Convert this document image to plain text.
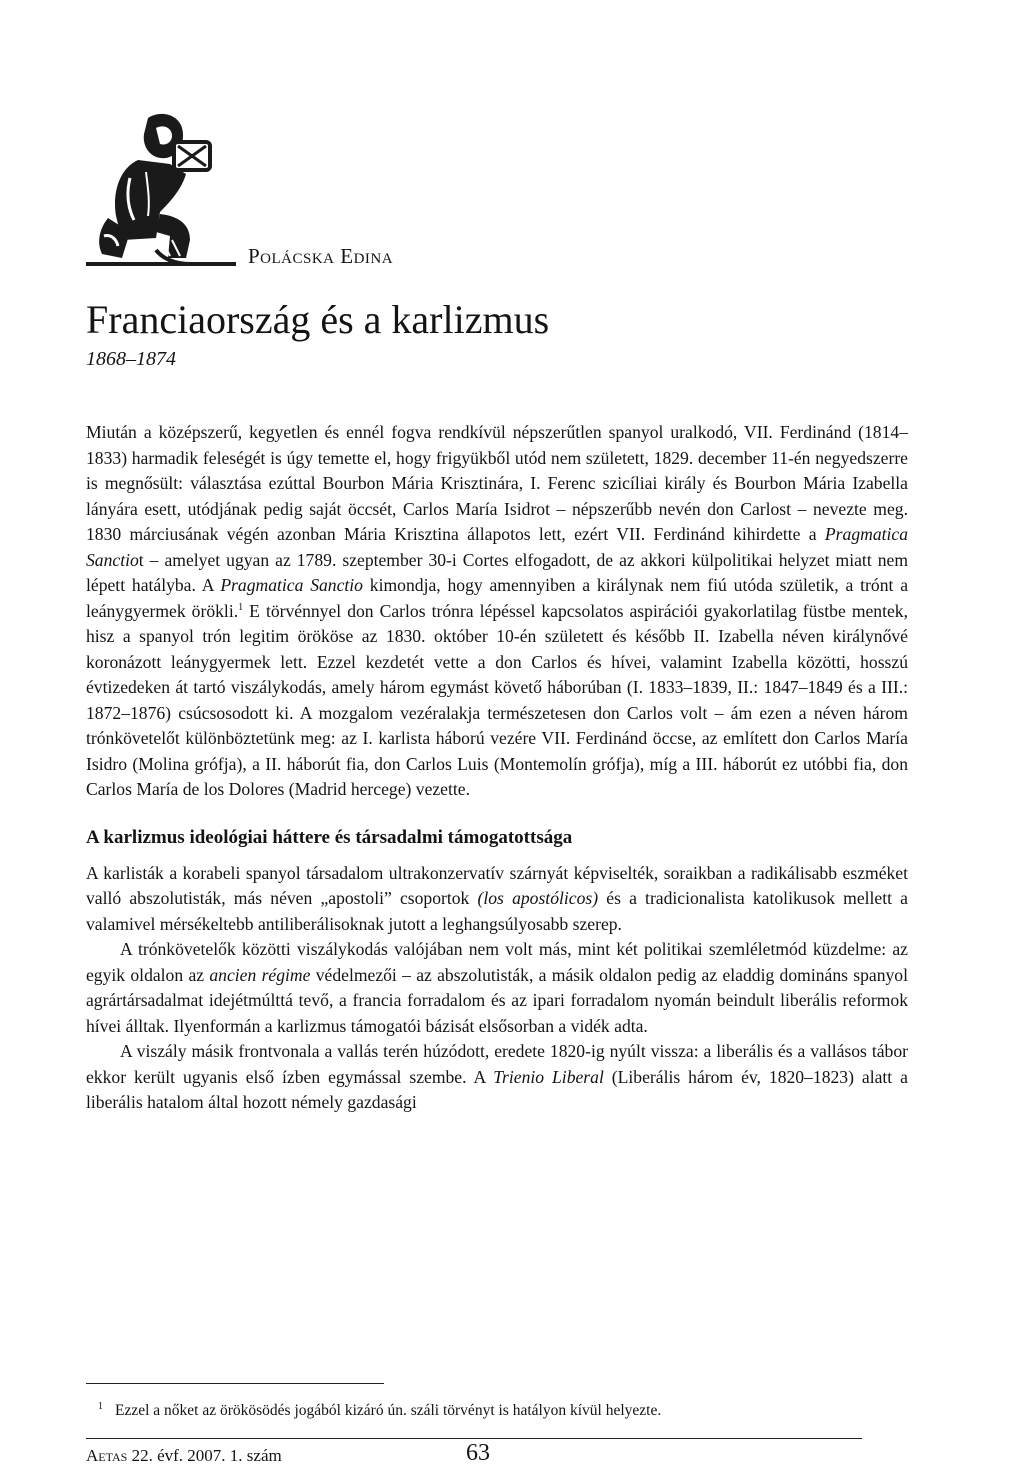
Polácska Edina
Franciaország és a karlizmus
1868–1874

Miután a középszerű, kegyetlen és ennél fogva rendkívül népszerűtlen spanyol uralkodó, VII. Ferdinánd (1814–1833) harmadik feleségét is úgy temette el, hogy frigyükből utód nem született, 1829. december 11-én negyedszerre is megnősült: választása ezúttal Bourbon Mária Krisztinára, I. Ferenc szicíliai király és Bourbon Mária Izabella lányára esett, utódjának pedig saját öccsét, Carlos María Isidrot – népszerűbb nevén don Carlost – nevezte meg. 1830 márciusának végén azonban Mária Krisztina állapotos lett, ezért VII. Ferdinánd kihirdette a Pragmatica Sanctiot – amelyet ugyan az 1789. szeptember 30-i Cortes elfogadott, de az akkori külpolitikai helyzet miatt nem lépett hatályba. A Pragmatica Sanctio kimondja, hogy amennyiben a királynak nem fiú utóda születik, a trónt a leánygyermek örökli.$^1$ E törvénnyel don Carlos trónra lépéssel kapcsolatos aspirációi gyakorlatilag füstbe mentek, hisz a spanyol trón legitim örököse az 1830. október 10-én született és később II. Izabella néven királynővé koronázott leánygyermek lett. Ezzel kezdetét vette a don Carlos és hívei, valamint Izabella közötti, hosszú évtizedeken át tartó viszálykodás, amely három egymást követő háborúban (I. 1833–1839, II.: 1847–1849 és a III.: 1872–1876) csúcsosodott ki. A mozgalom vezéralakja természetesen don Carlos volt – ám ezen a néven három trónkövetelőt különböztetünk meg: az I. karlista háború vezére VII. Ferdinánd öccse, az említett don Carlos María Isidro (Molina grófja), a II. háborút fia, don Carlos Luis (Montemolín grófja), míg a III. háborút ez utóbbi fia, don Carlos María de los Dolores (Madrid hercege) vezette.

A karlizmus ideológiai háttere és társadalmi támogatottsága

A karlisták a korabeli spanyol társadalom ultrakonzervatív szárnyát képviselték, soraikban a radikálisabb eszméket valló abszolutisták, más néven „apostoli” csoportok (los apostólicos) és a tradicionalista katolikusok mellett a valamivel mérsékeltebb antiliberálisoknak jutott a leghangsúlyosabb szerep.

A trónkövetelők közötti viszálykodás valójában nem volt más, mint két politikai szemléletmód küzdelme: az egyik oldalon az ancien régime védelmezői – az abszolutisták, a másik oldalon pedig az eladdig domináns spanyol agrártársadalmat idejétmúlttá tevő, a francia forradalom és az ipari forradalom nyomán beindult liberális reformok hívei álltak. Ilyenformán a karlizmus támogatói bázisát elsősorban a vidék adta.

A viszály másik frontvonala a vallás terén húzódott, eredete 1820-ig nyúlt vissza: a liberális és a vallásos tábor ekkor került ugyanis első ízben egymással szembe. A Trienio Liberal (Liberális három év, 1820–1823) alatt a liberális hatalom által hozott némely gazdasági

$^1$ Ezzel a nőket az örökösödés jogából kizáró ún. száli törvényt is hatályon kívül helyezte.
Aetas 22. évf. 2007. 1. szám	63
